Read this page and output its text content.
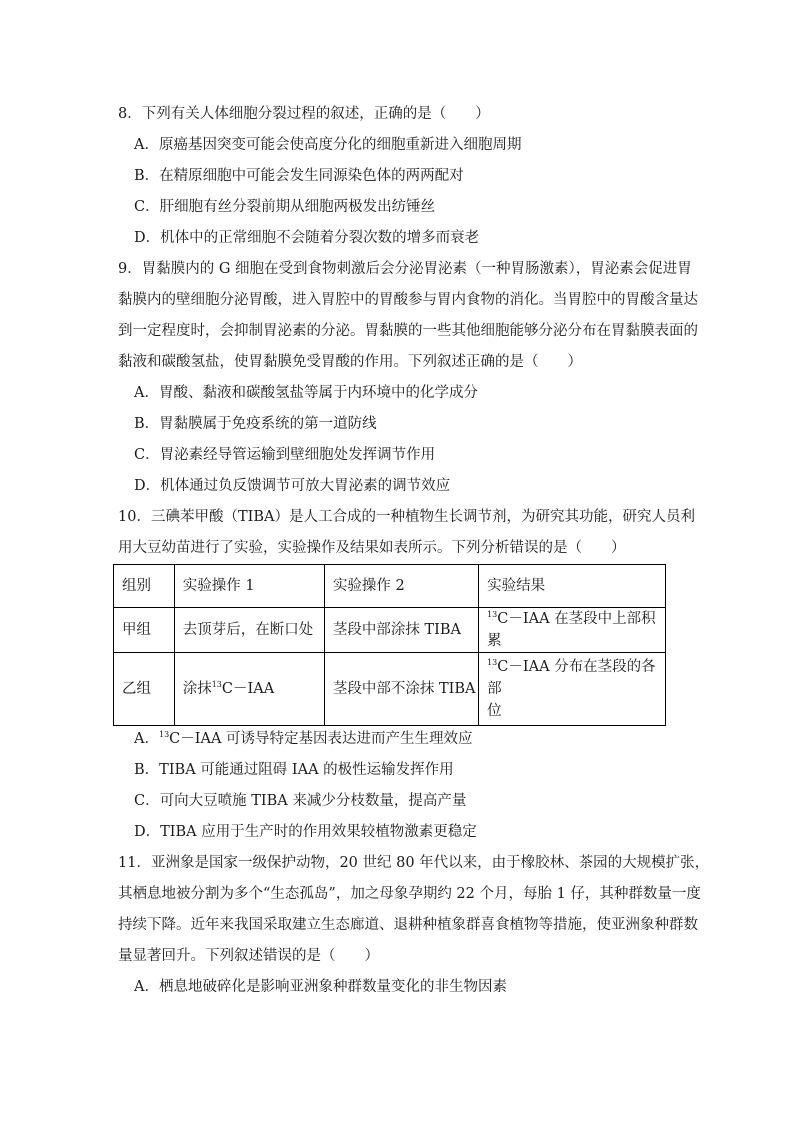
8．下列有关人体细胞分裂过程的叙述，正确的是（　　）
A．原癌基因突变可能会使高度分化的细胞重新进入细胞周期
B．在精原细胞中可能会发生同源染色体的两两配对
C．肝细胞有丝分裂前期从细胞两极发出纺锤丝
D．机体中的正常细胞不会随着分裂次数的增多而衰老
9．胃黏膜内的 G 细胞在受到食物刺激后会分泌胃泌素（一种胃肠激素），胃泌素会促进胃
黏膜内的壁细胞分泌胃酸，进入胃腔中的胃酸参与胃内食物的消化。当胃腔中的胃酸含量达
到一定程度时，会抑制胃泌素的分泌。胃黏膜的一些其他细胞能够分泌分布在胃黏膜表面的
黏液和碳酸氢盐，使胃黏膜免受胃酸的作用。下列叙述正确的是（　　）
A．胃酸、黏液和碳酸氢盐等属于内环境中的化学成分
B．胃黏膜属于免疫系统的第一道防线
C．胃泌素经导管运输到壁细胞处发挥调节作用
D．机体通过负反馈调节可放大胃泌素的调节效应
10．三碘苯甲酸（TIBA）是人工合成的一种植物生长调节剂，为研究其功能，研究人员利
用大豆幼苗进行了实验，实验操作及结果如表所示。下列分析错误的是（　　）
组别	实验操作 1	实验操作 2	实验结果
甲组	去顶芽后，在断口处	茎段中部涂抹 TIBA	$^{13}$C－IAA 在茎段中上部积累
乙组	涂抹$^{13}$C－IAA	茎段中部不涂抹 TIBA	$^{13}$C－IAA 分布在茎段的各部
位
A．$^{13}$C－IAA 可诱导特定基因表达进而产生生理效应
B．TIBA 可能通过阻碍 IAA 的极性运输发挥作用
C．可向大豆喷施 TIBA 来减少分枝数量，提高产量
D．TIBA 应用于生产时的作用效果较植物激素更稳定
11．亚洲象是国家一级保护动物，20 世纪 80 年代以来，由于橡胶林、茶园的大规模扩张，
其栖息地被分割为多个“生态孤岛”，加之母象孕期约 22 个月，每胎 1 仔，其种群数量一度
持续下降。近年来我国采取建立生态廊道、退耕种植象群喜食植物等措施，使亚洲象种群数
量显著回升。下列叙述错误的是（　　）
A．栖息地破碎化是影响亚洲象种群数量变化的非生物因素
